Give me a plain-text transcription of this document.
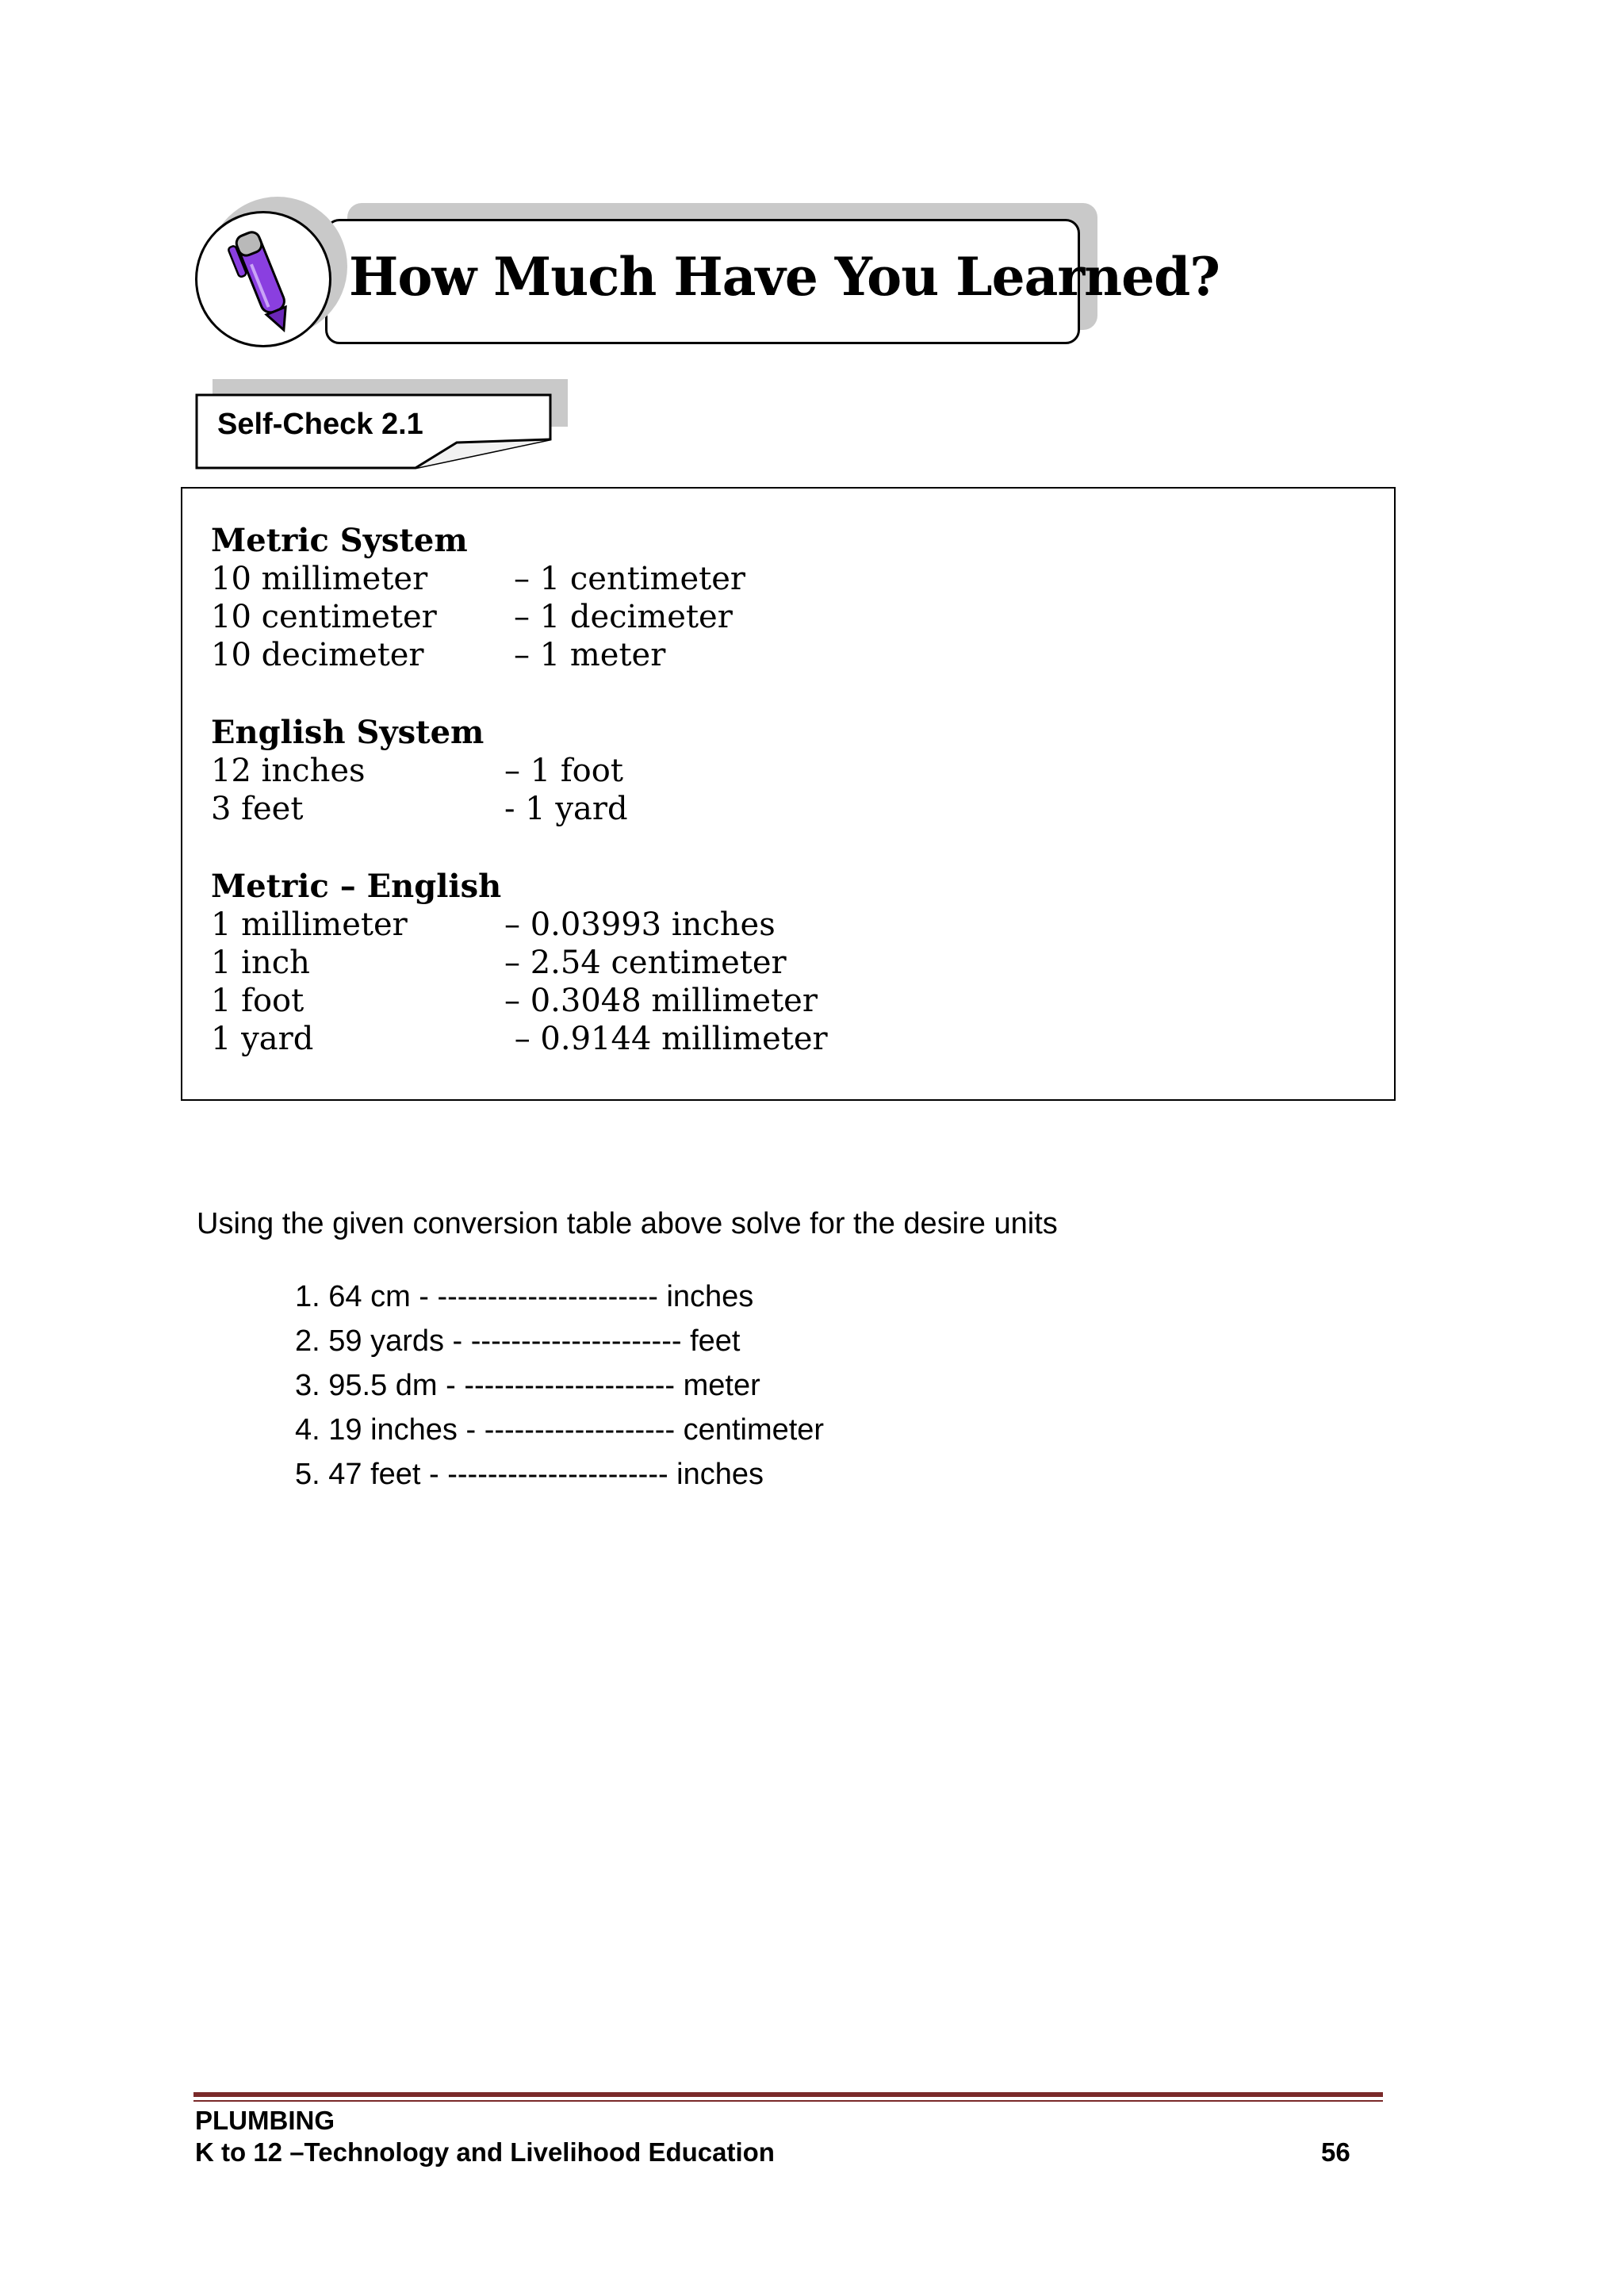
How Much Have You Learned?
Self-Check 2.1
Metric System
10 millimeter	– 1 centimeter
10 centimeter – 1 decimeter
10 decimeter	– 1 meter
English System
12 inches	– 1 foot
3 feet	- 1 yard
Metric – English
1 millimeter	– 0.03993 inches
1 inch	– 2.54 centimeter
1 foot	– 0.3048 millimeter
1 yard	– 0.9144 millimeter
Using the given conversion table above solve for the desire units
1. 64 cm - ---------------------- inches
2. 59 yards - --------------------- feet
3. 95.5 dm - --------------------- meter
4. 19 inches - ------------------- centimeter
5. 47 feet - ---------------------- inches
PLUMBING
K to 12 –Technology and Livelihood Education	56
